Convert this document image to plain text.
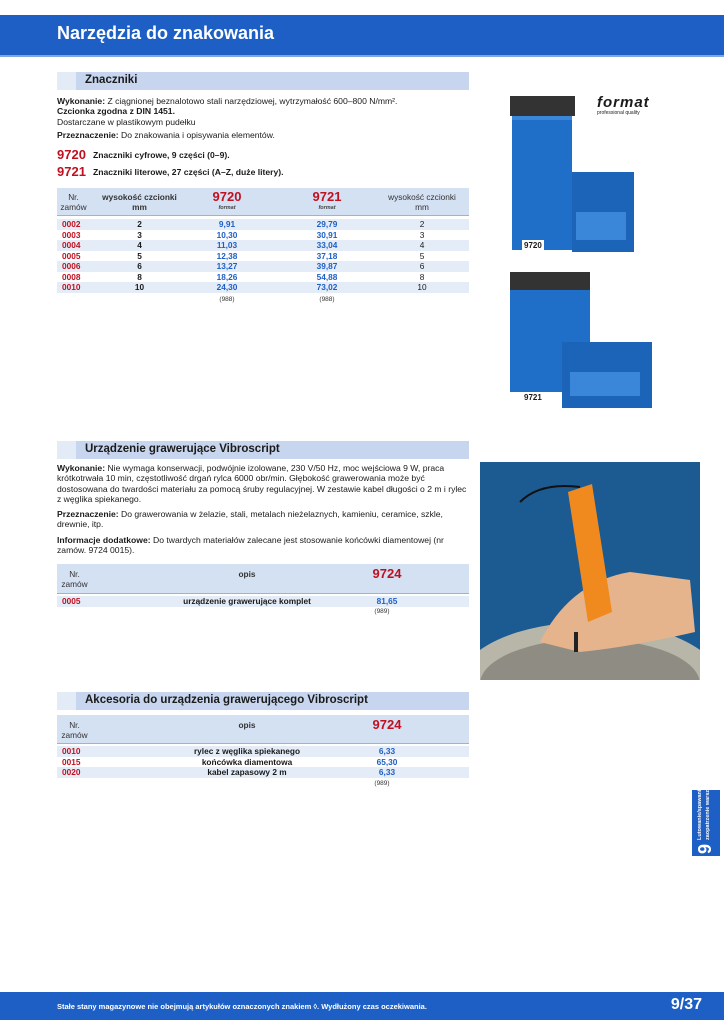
Narzędzia do znakowania
Znaczniki
Wykonanie: Z ciągnionej beznalotowo stali narzędziowej, wytrzymałość 600–800 N/mm².
Czcionka zgodna z DIN 1451.
Dostarczane w plastikowym pudełku
Przeznaczenie: Do znakowania i opisywania elementów.
9720 Znaczniki cyfrowe, 9 części (0–9).
9721 Znaczniki literowe, 27 części (A–Z, duże litery).
Nr.
zamów
wysokość czcionki
mm
9720
format
9721
format
wysokość czcionki
mm
0002	2	9,91	29,79	2
0003	3	10,30	30,91	3
0004	4	11,03	33,04	4
0005	5	12,38	37,18	5
0006	6	13,27	39,87	6
0008	8	18,26	54,88	8
0010	10	24,30	73,02	10
(988)	(988)
format
professional quality
9720
9721
Urządzenie grawerujące Vibroscript
Wykonanie: Nie wymaga konserwacji, podwójnie izolowane, 230 V/50 Hz, moc wejściowa 9 W, praca krótkotrwała 10 min, częstotliwość drgań rylca 6000 obr/min. Głębokość grawerowania może być dostosowana do twardości materiału za pomocą śruby regulacyjnej. W zestawie kabel długości o 2 m i rylec z węglika spiekanego.
Przeznaczenie: Do grawerowania w żelazie, stali, metalach nieżelaznych, kamieniu, ceramice, szkle, drewnie, itp.
Informacje dodatkowe: Do twardych materiałów zalecane jest stosowanie końcówki diamentowej (nr zamów. 9724 0015).
Nr.
zamów
opis	9724
0005	urządzenie grawerujące komplet	81,65
(989)
Akcesoria do urządzenia grawerującego Vibroscript
Nr.
zamów
opis	9724
0010	rylec z węglika spiekanego	6,33
0015	końcówka diamentowa	65,30
0020	kabel zapasowy 2 m	6,33
(989)
9
Lutowanie/spawanie/ zaopatrzenie warsztatów
Stałe stany magazynowe nie obejmują artykułów oznaczonych znakiem ◊. Wydłużony czas oczekiwania.	9/37
